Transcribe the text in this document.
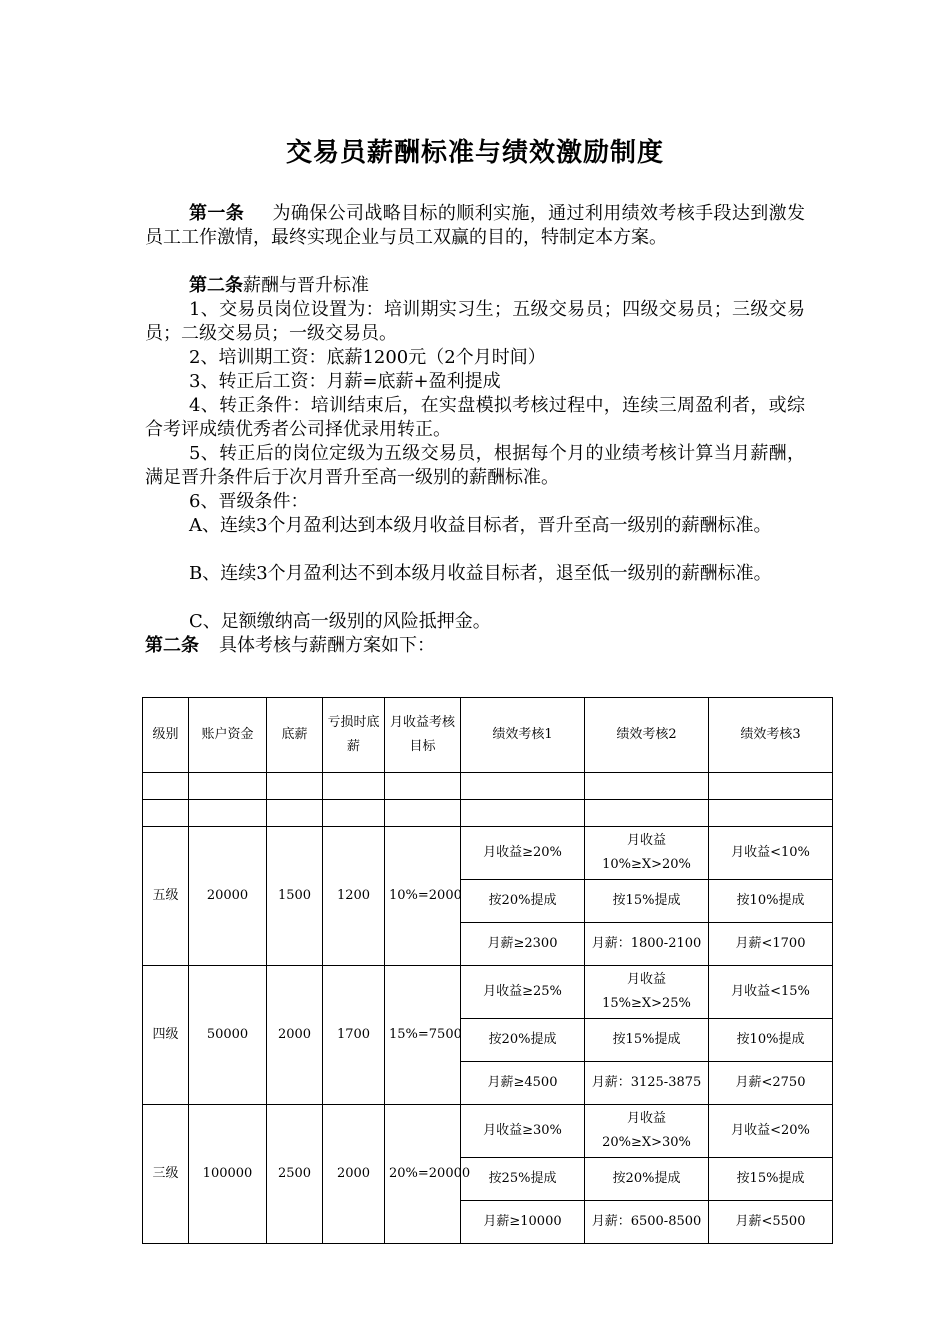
交易员薪酬标准与绩效激励制度
第一条 为确保公司战略目标的顺利实施，通过利用绩效考核手段达到激发员工工作激情，最终实现企业与员工双赢的目的，特制定本方案。
第二条薪酬与晋升标准
1、交易员岗位设置为：培训期实习生；五级交易员；四级交易员；三级交易员；二级交易员；一级交易员。
2、培训期工资：底薪1200元（2个月时间）
3、转正后工资：月薪=底薪+盈利提成
4、转正条件：培训结束后，在实盘模拟考核过程中，连续三周盈利者，或综合考评成绩优秀者公司择优录用转正。
5、转正后的岗位定级为五级交易员，根据每个月的业绩考核计算当月薪酬，满足晋升条件后于次月晋升至高一级别的薪酬标准。
6、晋级条件：
A、连续3个月盈利达到本级月收益目标者，晋升至高一级别的薪酬标准。
B、连续3个月盈利达不到本级月收益目标者，退至低一级别的薪酬标准。
C、足额缴纳高一级别的风险抵押金。
第二条 具体考核与薪酬方案如下：
级别	账户资金	底薪	亏损时底薪	月收益考核目标	绩效考核1	绩效考核2	绩效考核3

五级	20000	1500	1200	10%=2000	月收益≥20%	月收益10%≥X>20%	月收益<10%
					按20%提成	按15%提成	按10%提成
					月薪≥2300	月薪：1800-2100	月薪<1700
四级	50000	2000	1700	15%=7500	月收益≥25%	月收益15%≥X>25%	月收益<15%
					按20%提成	按15%提成	按10%提成
					月薪≥4500	月薪：3125-3875	月薪<2750
三级	100000	2500	2000	20%=20000	月收益≥30%	月收益20%≥X>30%	月收益<20%
					按25%提成	按20%提成	按15%提成
					月薪≥10000	月薪：6500-8500	月薪<5500
